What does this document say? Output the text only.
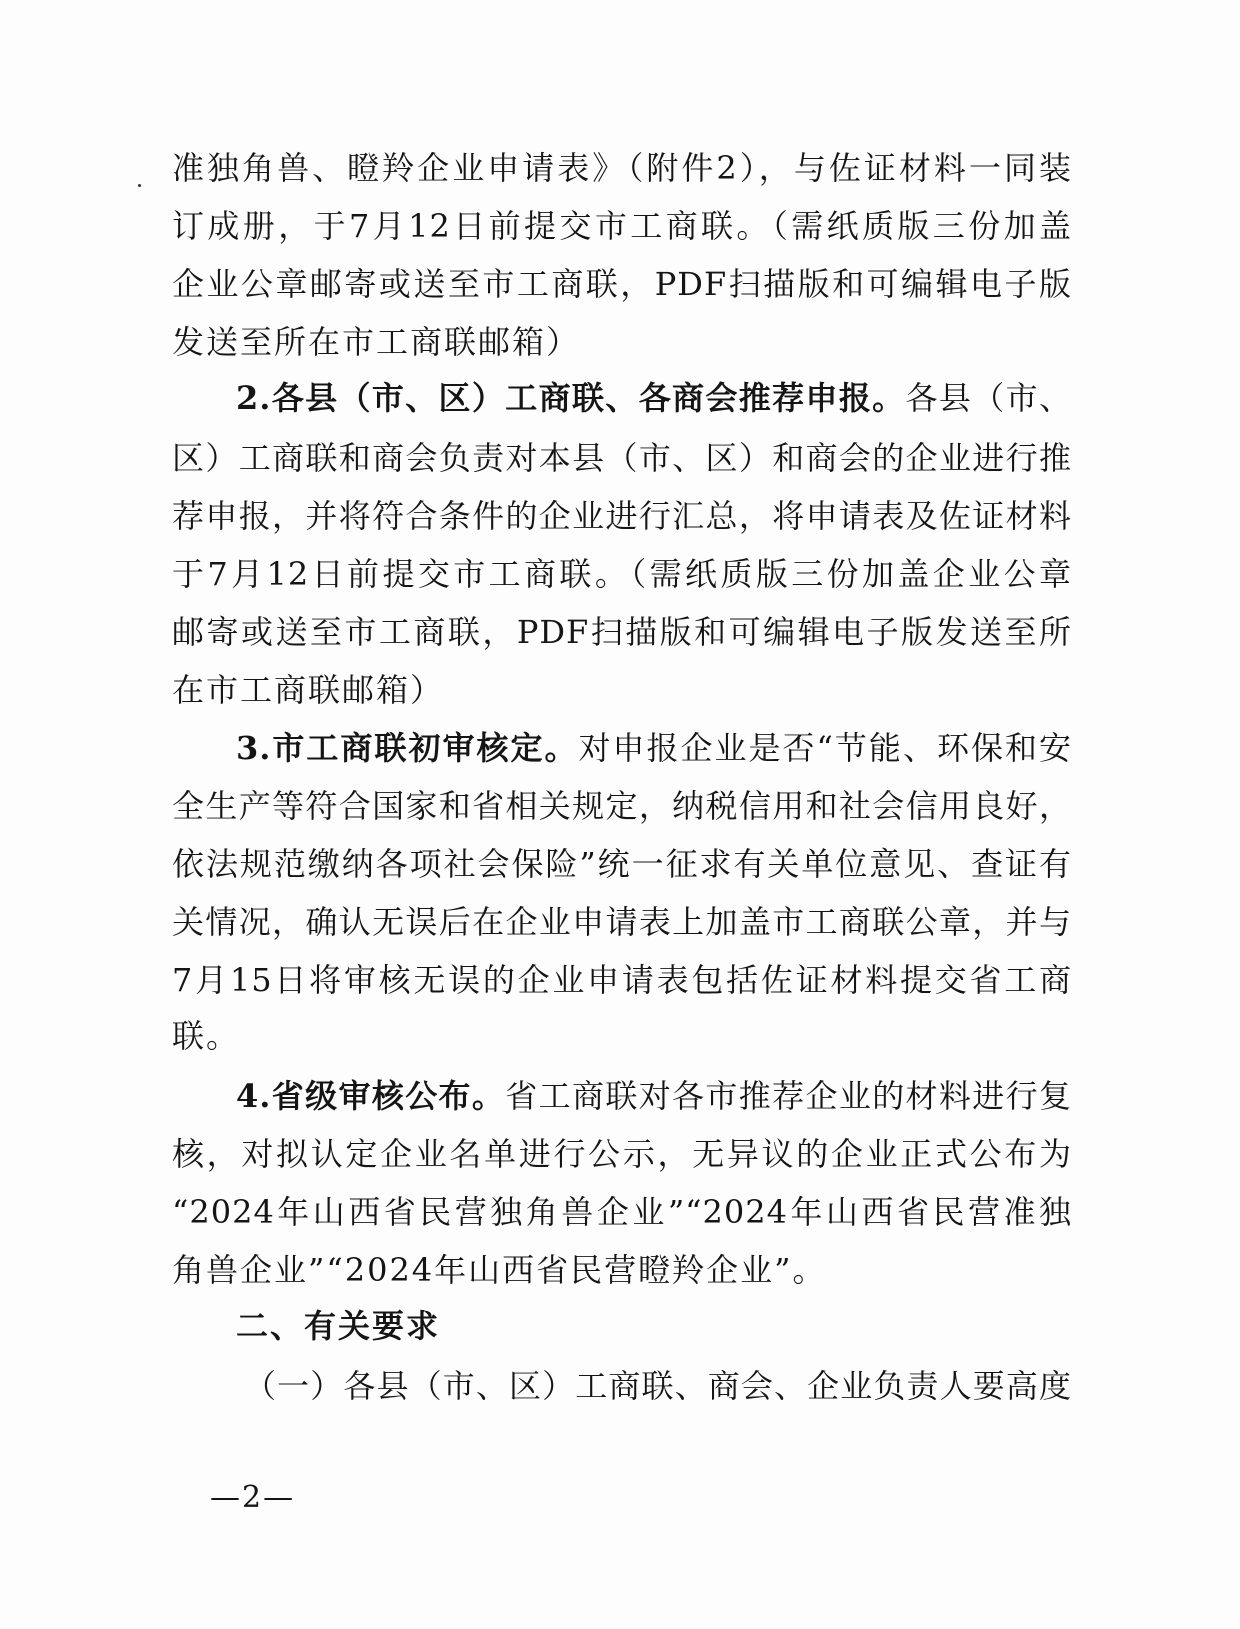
准独角兽、瞪羚企业申请表》（附件2），与佐证材料一同装
订成册，于7月12日前提交市工商联。（需纸质版三份加盖
企业公章邮寄或送至市工商联，PDF扫描版和可编辑电子版
发送至所在市工商联邮箱）
2.各县（市、区）工商联、各商会推荐申报。各县（市、
区）工商联和商会负责对本县（市、区）和商会的企业进行推
荐申报，并将符合条件的企业进行汇总，将申请表及佐证材料
于7月12日前提交市工商联。（需纸质版三份加盖企业公章
邮寄或送至市工商联，PDF扫描版和可编辑电子版发送至所
在市工商联邮箱）
3.市工商联初审核定。对申报企业是否“节能、环保和安
全生产等符合国家和省相关规定，纳税信用和社会信用良好，
依法规范缴纳各项社会保险”统一征求有关单位意见、查证有
关情况，确认无误后在企业申请表上加盖市工商联公章，并与
7月15日将审核无误的企业申请表包括佐证材料提交省工商
联。
4.省级审核公布。省工商联对各市推荐企业的材料进行复
核，对拟认定企业名单进行公示，无异议的企业正式公布为
“2024年山西省民营独角兽企业”“2024年山西省民营准独
角兽企业”“2024年山西省民营瞪羚企业”。
二、有关要求
（一）各县（市、区）工商联、商会、企业负责人要高度
—2—
